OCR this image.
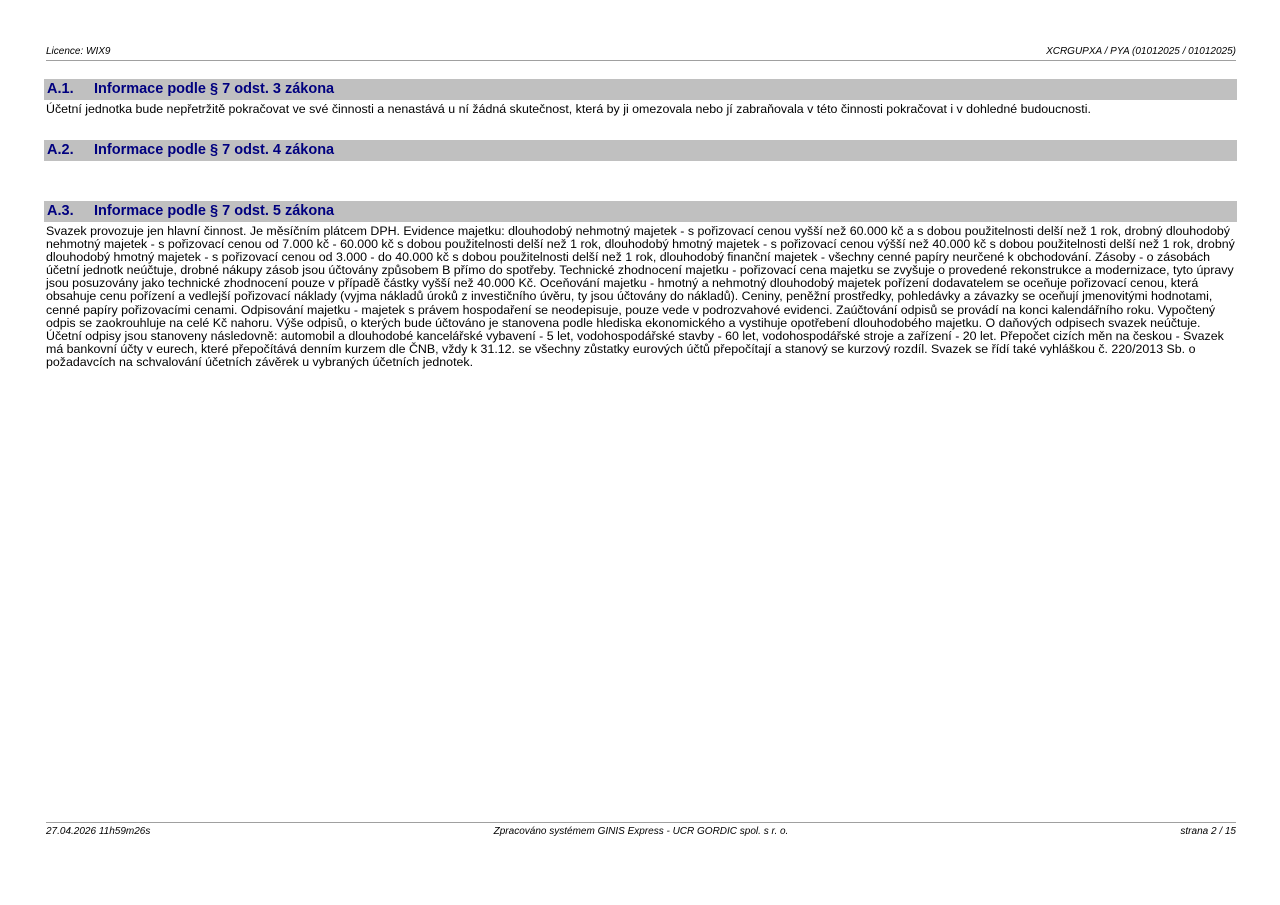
Licence: WIX9	XCRGUPXA / PYA (01012025 / 01012025)
A.1. Informace podle § 7 odst. 3 zákona
Účetní jednotka bude nepřetržitě pokračovat ve své činnosti a nenastává u ní žádná skutečnost, která by ji omezovala nebo jí zabraňovala v této činnosti pokračovat i v dohledné budoucnosti.
A.2. Informace podle § 7 odst. 4 zákona
A.3. Informace podle § 7 odst. 5 zákona
Svazek provozuje jen hlavní činnost. Je měsíčním plátcem DPH. Evidence majetku: dlouhodobý nehmotný majetek - s pořizovací cenou vyšší než 60.000 kč a s dobou použitelnosti delší než 1 rok, drobný dlouhodobý nehmotný majetek - s pořizovací cenou od 7.000 kč - 60.000 kč s dobou použitelnosti delší než 1 rok, dlouhodobý hmotný majetek - s pořizovací cenou výšší než 40.000 kč s dobou použitelnosti delší než 1 rok, drobný dlouhodobý hmotný majetek - s pořizovací cenou od 3.000 - do 40.000 kč s dobou použitelnosti delší než 1 rok, dlouhodobý finanční majetek - všechny cenné papíry neurčené k obchodování. Zásoby - o zásobách účetní jednotk neúčtuje, drobné nákupy zásob jsou účtovány způsobem B přímo do spotřeby. Technické zhodnocení majetku - pořizovací cena majetku se zvyšuje o provedené rekonstrukce a modernizace, tyto úpravy jsou posuzovány jako technické zhodnocení pouze v případě částky vyšší než 40.000 Kč. Oceňování majetku - hmotný a nehmotný dlouhodobý majetek pořízení dodavatelem se oceňuje pořizovací cenou, která obsahuje cenu pořízení a vedlejší pořizovací náklady (vyjma nákladů úroků z investičního úvěru, ty jsou účtovány do nákladů). Ceniny, peněžní prostředky, pohledávky a závazky se oceňují jmenovitými hodnotami, cenné papíry pořizovacími cenami. Odpisování majetku - majetek s právem hospodaření se neodepisuje, pouze vede v podrozvahové evidenci. Zaúčtování odpisů se provádí na konci kalendářního roku. Vypočtený odpis se zaokrouhluje na celé Kč nahoru. Výše odpisů, o kterých bude účtováno je stanovena podle hlediska ekonomického a vystihuje opotřebení dlouhodobého majetku. O daňových odpisech svazek neúčtuje. Účetní odpisy jsou stanoveny následovně: automobil a dlouhodobé kancelářské vybavení - 5 let, vodohospodářské stavby - 60 let, vodohospodářské stroje a zařízení - 20 let. Přepočet cizích měn na českou - Svazek má bankovní účty v eurech, které přepočítává denním kurzem dle ČNB, vždy k 31.12. se všechny zůstatky eurových účtů přepočítají a stanový se kurzový rozdíl. Svazek se řídí také vyhláškou č. 220/2013 Sb. o požadavcích na schvalování účetních závěrek u vybraných účetních jednotek.
27.04.2026 11h59m26s	Zpracováno systémem GINIS Express - UCR GORDIC spol. s r. o.	strana 2 / 15
